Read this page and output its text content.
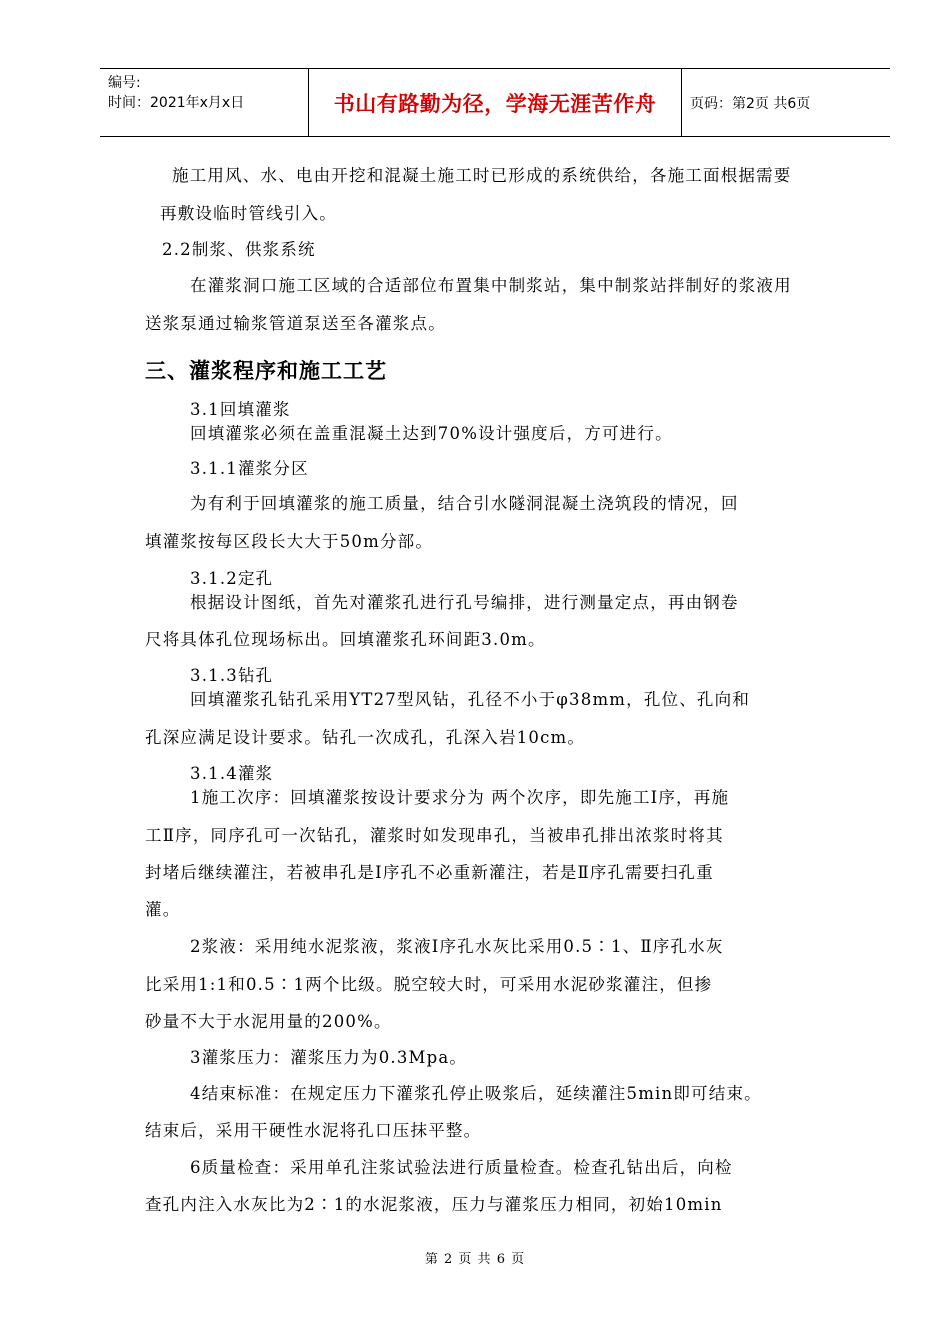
编号:
时间：2021年x月x日	书山有路勤为径，学海无涯苦作舟	页码：第2页 共6页
施工用风、水、电由开挖和混凝土施工时已形成的系统供给，各施工面根据需要
再敷设临时管线引入。
2.2制浆、供浆系统
在灌浆洞口施工区域的合适部位布置集中制浆站，集中制浆站拌制好的浆液用
送浆泵通过输浆管道泵送至各灌浆点。
三、灌浆程序和施工工艺
3.1回填灌浆
回填灌浆必须在盖重混凝土达到70%设计强度后，方可进行。
3.1.1灌浆分区
为有利于回填灌浆的施工质量，结合引水隧洞混凝土浇筑段的情况，回
填灌浆按每区段长大大于50m分部。
3.1.2定孔
根据设计图纸，首先对灌浆孔进行孔号编排，进行测量定点，再由钢卷
尺将具体孔位现场标出。回填灌浆孔环间距3.0m。
3.1.3钻孔
回填灌浆孔钻孔采用YT27型风钻，孔径不小于φ38mm，孔位、孔向和
孔深应满足设计要求。钻孔一次成孔，孔深入岩10cm。
3.1.4灌浆
1施工次序：回填灌浆按设计要求分为 两个次序，即先施工Ⅰ序，再施
工Ⅱ序，同序孔可一次钻孔，灌浆时如发现串孔，当被串孔排出浓浆时将其
封堵后继续灌注，若被串孔是Ⅰ序孔不必重新灌注，若是Ⅱ序孔需要扫孔重
灌。
2浆液：采用纯水泥浆液，浆液Ⅰ序孔水灰比采用0.5∶1、Ⅱ序孔水灰
比采用1:1和0.5∶1两个比级。脱空较大时，可采用水泥砂浆灌注，但掺
砂量不大于水泥用量的200%。
3灌浆压力：灌浆压力为0.3Mpa。
4结束标准：在规定压力下灌浆孔停止吸浆后，延续灌注5min即可结束。
结束后，采用干硬性水泥将孔口压抹平整。
6质量检查：采用单孔注浆试验法进行质量检查。检查孔钻出后，向检
查孔内注入水灰比为2∶1的水泥浆液，压力与灌浆压力相同，初始10min
第 2 页 共 6 页
